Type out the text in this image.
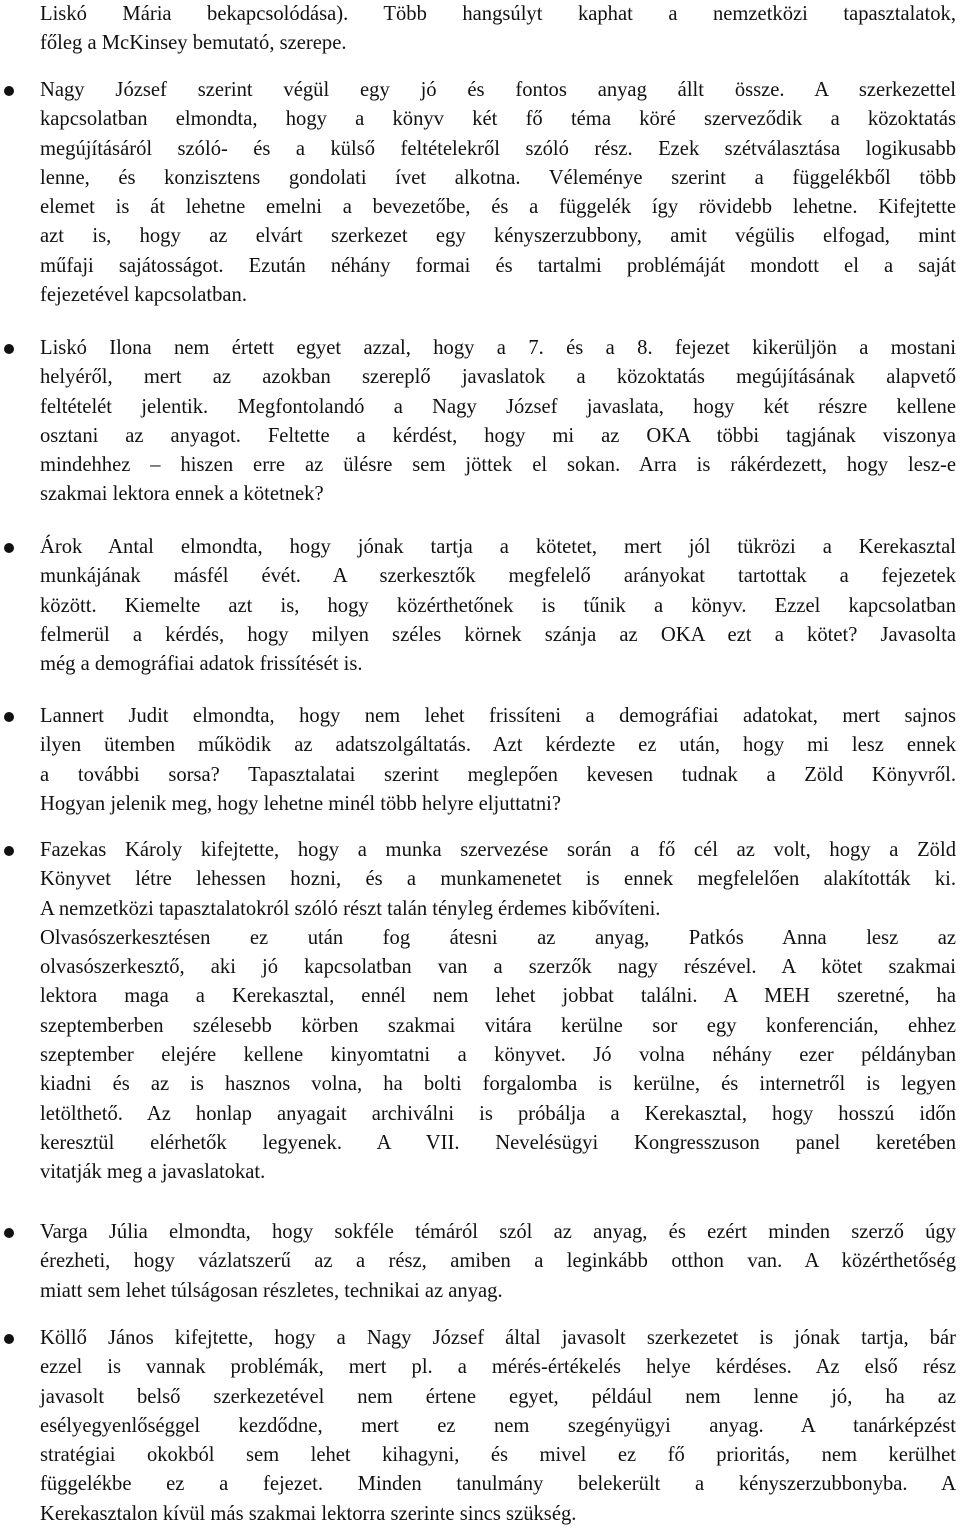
Liskó Mária bekapcsolódása). Több hangsúlyt kaphat a nemzetközi tapasztalatok,
főleg a McKinsey bemutató, szerepe.
Nagy József szerint végül egy jó és fontos anyag állt össze. A szerkezettel
kapcsolatban elmondta, hogy a könyv két fő téma köré szerveződik a közoktatás
megújításáról szóló- és a külső feltételekről szóló rész. Ezek szétválasztása logikusabb
lenne, és konzisztens gondolati ívet alkotna. Véleménye szerint a függelékből több
elemet is át lehetne emelni a bevezetőbe, és a függelék így rövidebb lehetne. Kifejtette
azt is, hogy az elvárt szerkezet egy kényszerzubbony, amit végülis elfogad, mint
műfaji sajátosságot. Ezután néhány formai és tartalmi problémáját mondott el a saját
fejezetével kapcsolatban.
Liskó Ilona nem értett egyet azzal, hogy a 7. és a 8. fejezet kikerüljön a mostani
helyéről, mert az azokban szereplő javaslatok a közoktatás megújításának alapvető
feltételét jelentik. Megfontolandó a Nagy József javaslata, hogy két részre kellene
osztani az anyagot. Feltette a kérdést, hogy mi az OKA többi tagjának viszonya
mindehhez – hiszen erre az ülésre sem jöttek el sokan. Arra is rákérdezett, hogy lesz-e
szakmai lektora ennek a kötetnek?
Árok Antal elmondta, hogy jónak tartja a kötetet, mert jól tükrözi a Kerekasztal
munkájának másfél évét. A szerkesztők megfelelő arányokat tartottak a fejezetek
között. Kiemelte azt is, hogy közérthetőnek is tűnik a könyv. Ezzel kapcsolatban
felmerül a kérdés, hogy milyen széles körnek szánja az OKA ezt a kötet? Javasolta
még a demográfiai adatok frissítését is.
Lannert Judit elmondta, hogy nem lehet frissíteni a demográfiai adatokat, mert sajnos
ilyen ütemben működik az adatszolgáltatás. Azt kérdezte ez után, hogy mi lesz ennek
a további sorsa? Tapasztalatai szerint meglepően kevesen tudnak a Zöld Könyvről.
Hogyan jelenik meg, hogy lehetne minél több helyre eljuttatni?
Fazekas Károly kifejtette, hogy a munka szervezése során a fő cél az volt, hogy a Zöld
Könyvet létre lehessen hozni, és a munkamenetet is ennek megfelelően alakították ki.
A nemzetközi tapasztalatokról szóló részt talán tényleg érdemes kibővíteni.
Olvasószerkesztésen ez után fog átesni az anyag, Patkós Anna lesz az
olvasószerkesztő, aki jó kapcsolatban van a szerzők nagy részével. A kötet szakmai
lektora maga a Kerekasztal, ennél nem lehet jobbat találni. A MEH szeretné, ha
szeptemberben szélesebb körben szakmai vitára kerülne sor egy konferencián, ehhez
szeptember elejére kellene kinyomtatni a könyvet. Jó volna néhány ezer példányban
kiadni és az is hasznos volna, ha bolti forgalomba is kerülne, és internetről is legyen
letölthető. Az honlap anyagait archiválni is próbálja a Kerekasztal, hogy hosszú időn
keresztül elérhetők legyenek. A VII. Nevelésügyi Kongresszuson panel keretében
vitatják meg a javaslatokat.
Varga Júlia elmondta, hogy sokféle témáról szól az anyag, és ezért minden szerző úgy
érezheti, hogy vázlatszerű az a rész, amiben a leginkább otthon van. A közérthetőség
miatt sem lehet túlságosan részletes, technikai az anyag.
Köllő János kifejtette, hogy a Nagy József által javasolt szerkezetet is jónak tartja, bár
ezzel is vannak problémák, mert pl. a mérés-értékelés helye kérdéses. Az első rész
javasolt belső szerkezetével nem értene egyet, például nem lenne jó, ha az
esélyegyenlőséggel kezdődne, mert ez nem szegényügyi anyag. A tanárképzést
stratégiai okokból sem lehet kihagyni, és mivel ez fő prioritás, nem kerülhet
függelékbe ez a fejezet. Minden tanulmány belekerült a kényszerzubbonyba. A
Kerekasztalon kívül más szakmai lektorra szerinte sincs szükség.
